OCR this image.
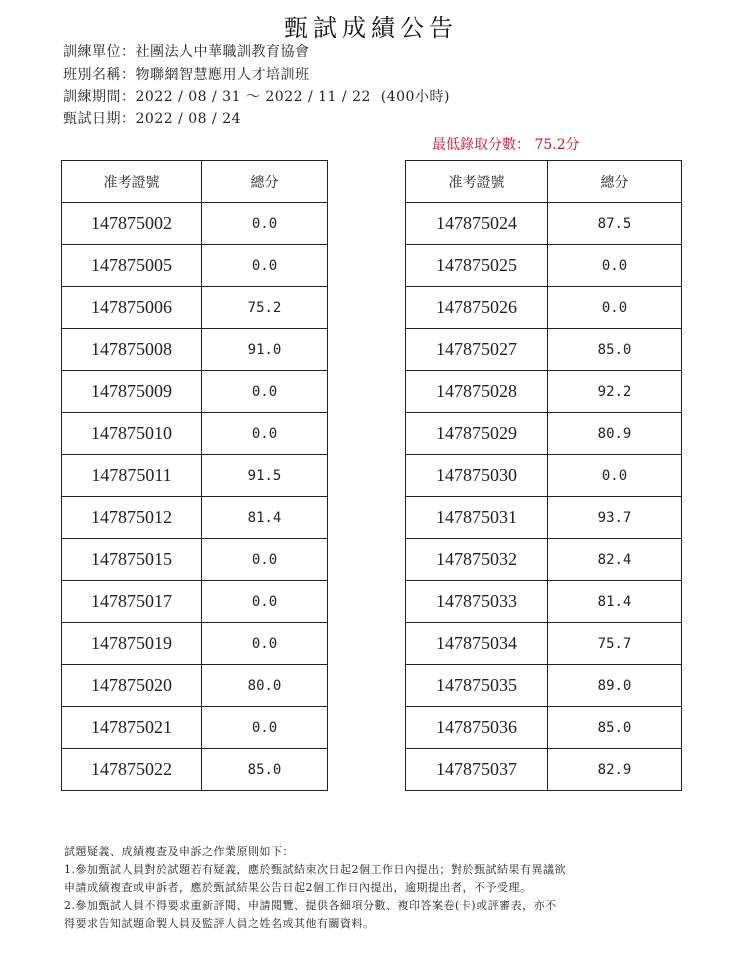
甄試成績公告
訓練單位：社團法人中華職訓教育協會
班別名稱：物聯網智慧應用人才培訓班
訓練期間：2022 / 08 / 31 ～ 2022 / 11 / 22  (400小時)
甄試日期：2022 / 08 / 24
最低錄取分數： 75.2分
准考證號	總分
147875002	0.0
147875005	0.0
147875006	75.2
147875008	91.0
147875009	0.0
147875010	0.0
147875011	91.5
147875012	81.4
147875015	0.0
147875017	0.0
147875019	0.0
147875020	80.0
147875021	0.0
147875022	85.0
准考證號	總分
147875024	87.5
147875025	0.0
147875026	0.0
147875027	85.0
147875028	92.2
147875029	80.9
147875030	0.0
147875031	93.7
147875032	82.4
147875033	81.4
147875034	75.7
147875035	89.0
147875036	85.0
147875037	82.9
試題疑義、成績複查及申訴之作業原則如下：
1.參加甄試人員對於試題若有疑義，應於甄試結束次日起2個工作日內提出；對於甄試結果有異議欲
申請成績複查或申訴者，應於甄試結果公告日起2個工作日內提出，逾期提出者，不予受理。
2.參加甄試人員不得要求重新評閱、申請閱覽、提供各細項分數、複印答案卷(卡)或評審表，亦不
得要求告知試題命製人員及監評人員之姓名或其他有關資料。
